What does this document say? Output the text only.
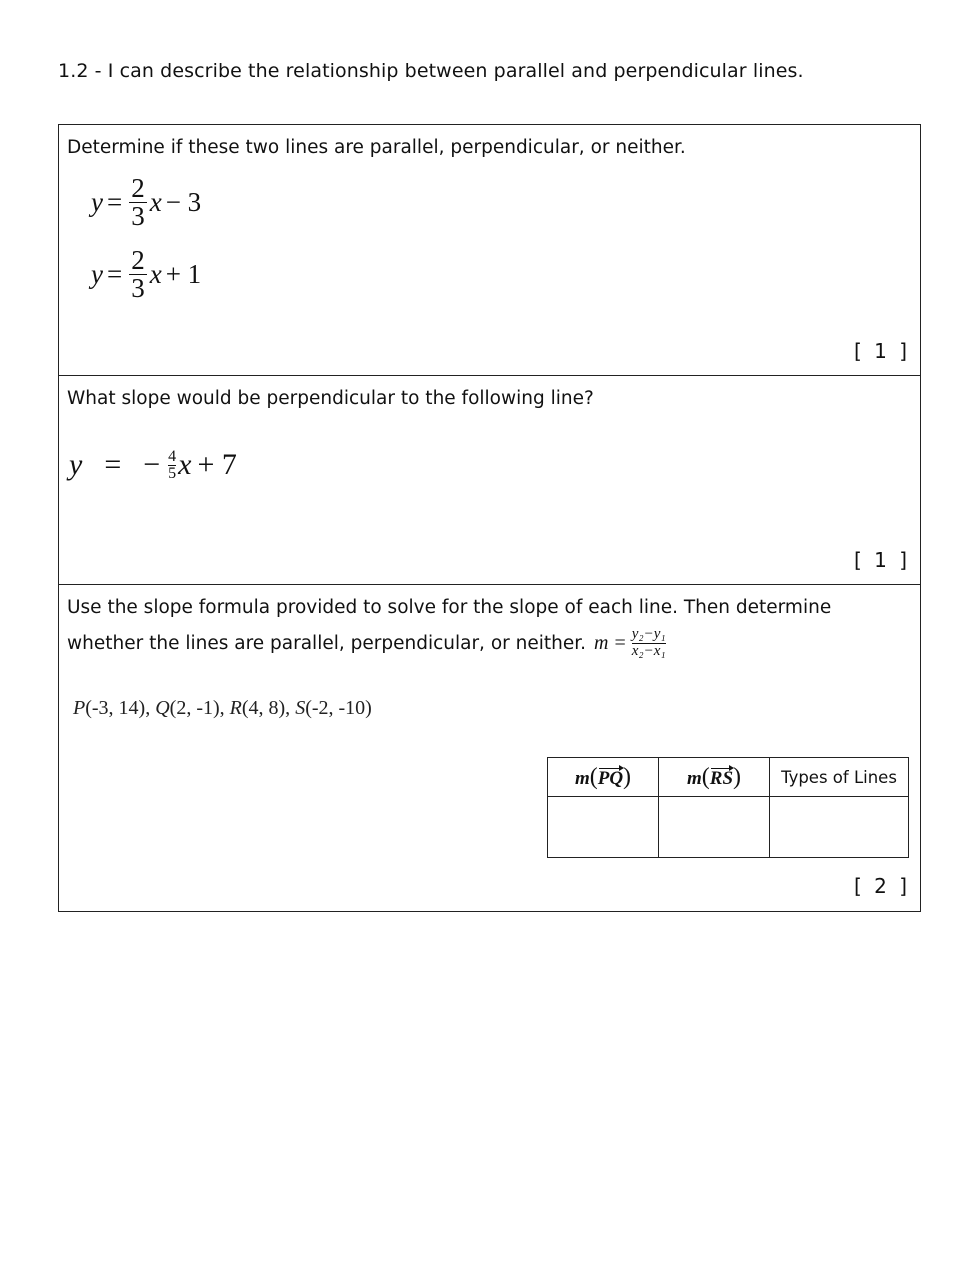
1.2 - I can describe the relationship between parallel and perpendicular lines.
Determine if these two lines are parallel, perpendicular, or neither.
$y = \frac{2}{3}$ x − 3
$y = \frac{2}{3}$ x + 1
[ 1 ]
What slope would be perpendicular to the following line?
y = − $\frac{4}{5}$ x + 7
[ 1 ]
Use the slope formula provided to solve for the slope of each line. Then determine
whether the lines are parallel, perpendicular, or neither. $m = \frac{\text{y₂−y₁}}{\text{x₂−x₁}}$
P(-3, 14), Q(2, -1), R(4, 8), S(-2, -10)
m(PQ)	m(RS)	Types of Lines

[ 2 ]
